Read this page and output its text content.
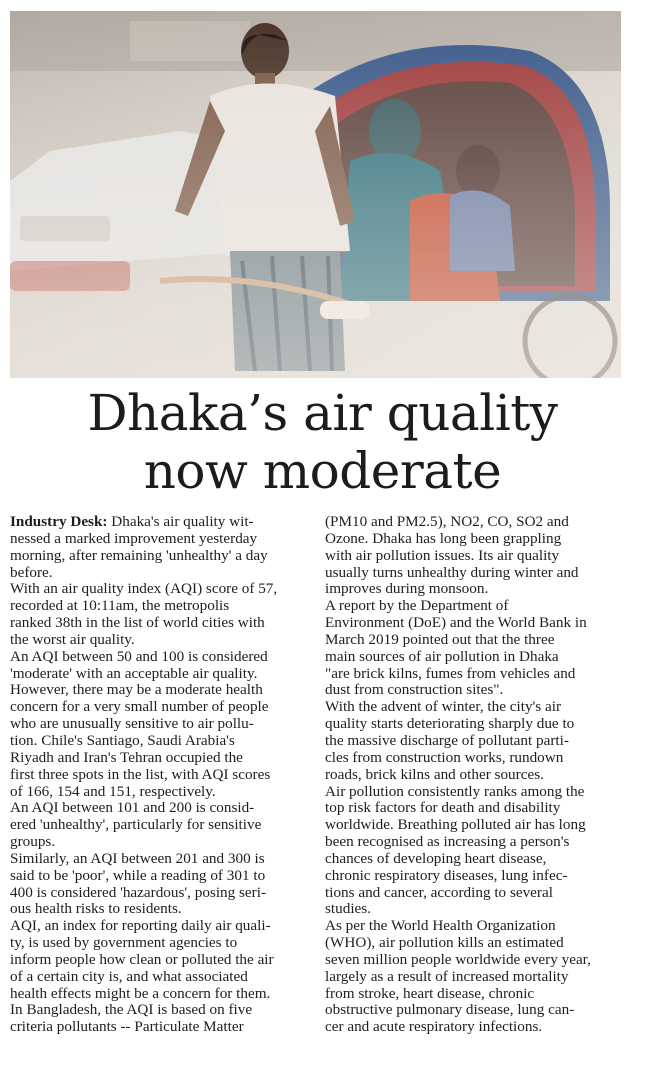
Dhaka’s air quality
now moderate

Industry Desk: Dhaka's air quality wit-

nessed a marked improvement yesterday

morning, after remaining 'unhealthy' a day

before.

With an air quality index (AQI) score of 57,

recorded at 10:11am, the metropolis

ranked 38th in the list of world cities with

the worst air quality.

An AQI between 50 and 100 is considered

'moderate' with an acceptable air quality.

However, there may be a moderate health

concern for a very small number of people

who are unusually sensitive to air pollu-

tion. Chile's Santiago, Saudi Arabia's

Riyadh and Iran's Tehran occupied the

first three spots in the list, with AQI scores

of 166, 154 and 151, respectively.

An AQI between 101 and 200 is consid-

ered 'unhealthy', particularly for sensitive

groups.

Similarly, an AQI between 201 and 300 is

said to be 'poor', while a reading of 301 to

400 is considered 'hazardous', posing seri-

ous health risks to residents.

AQI, an index for reporting daily air quali-

ty, is used by government agencies to

inform people how clean or polluted the air

of a certain city is, and what associated

health effects might be a concern for them.

In Bangladesh, the AQI is based on five

criteria pollutants -- Particulate Matter

(PM10 and PM2.5), NO2, CO, SO2 and

Ozone. Dhaka has long been grappling

with air pollution issues. Its air quality

usually turns unhealthy during winter and

improves during monsoon.

A report by the Department of

Environment (DoE) and the World Bank in

March 2019 pointed out that the three

main sources of air pollution in Dhaka

"are brick kilns, fumes from vehicles and

dust from construction sites".

With the advent of winter, the city's air

quality starts deteriorating sharply due to

the massive discharge of pollutant parti-

cles from construction works, rundown

roads, brick kilns and other sources.

Air pollution consistently ranks among the

top risk factors for death and disability

worldwide. Breathing polluted air has long

been recognised as increasing a person's

chances of developing heart disease,

chronic respiratory diseases, lung infec-

tions and cancer, according to several

studies.

As per the World Health Organization

(WHO), air pollution kills an estimated

seven million people worldwide every year,

largely as a result of increased mortality

from stroke, heart disease, chronic

obstructive pulmonary disease, lung can-

cer and acute respiratory infections.
